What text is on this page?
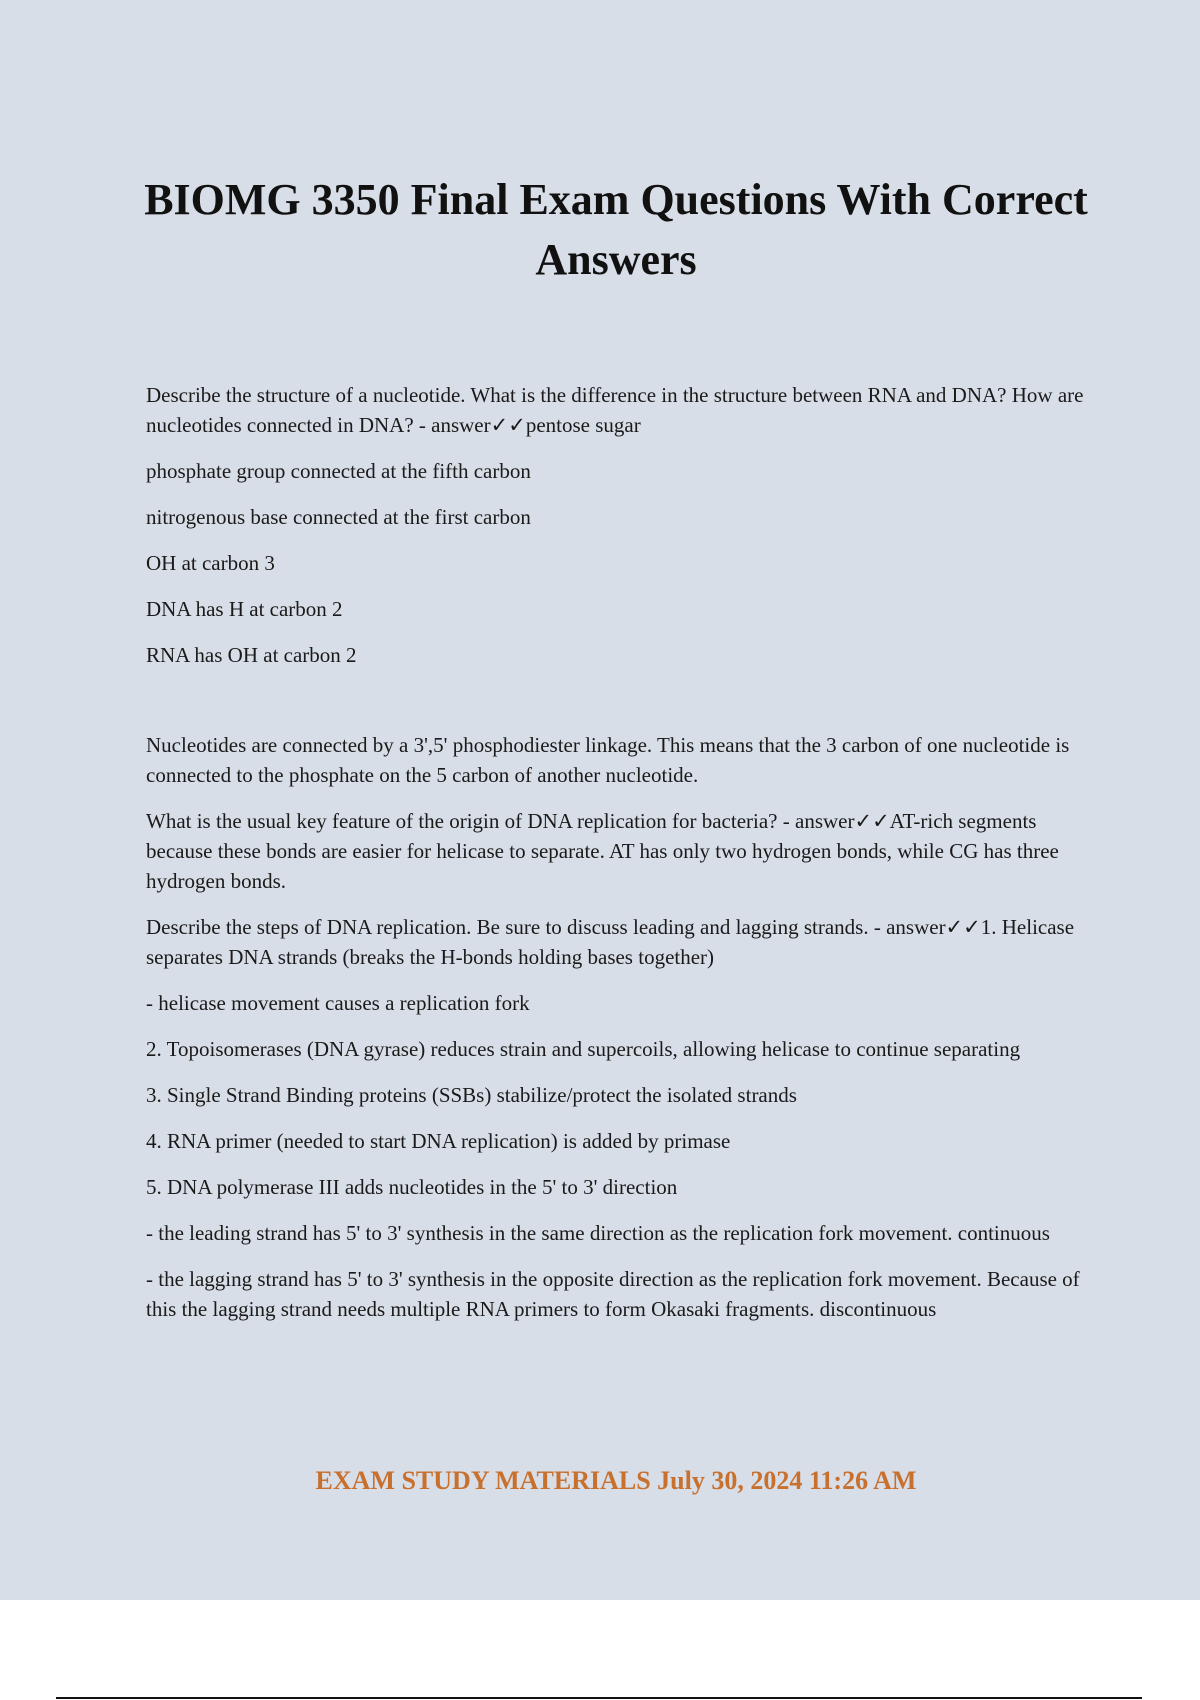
BIOMG 3350 Final Exam Questions With Correct Answers

Describe the structure of a nucleotide. What is the difference in the structure between RNA and DNA? How are nucleotides connected in DNA? - answer✓✓pentose sugar

phosphate group connected at the fifth carbon

nitrogenous base connected at the first carbon

OH at carbon 3

DNA has H at carbon 2

RNA has OH at carbon 2

Nucleotides are connected by a 3',5' phosphodiester linkage. This means that the 3 carbon of one nucleotide is connected to the phosphate on the 5 carbon of another nucleotide.

What is the usual key feature of the origin of DNA replication for bacteria? - answer✓✓AT-rich segments because these bonds are easier for helicase to separate. AT has only two hydrogen bonds, while CG has three hydrogen bonds.

Describe the steps of DNA replication. Be sure to discuss leading and lagging strands. - answer✓✓1. Helicase separates DNA strands (breaks the H-bonds holding bases together)

- helicase movement causes a replication fork

2. Topoisomerases (DNA gyrase) reduces strain and supercoils, allowing helicase to continue separating

3. Single Strand Binding proteins (SSBs) stabilize/protect the isolated strands

4. RNA primer (needed to start DNA replication) is added by primase

5. DNA polymerase III adds nucleotides in the 5' to 3' direction

- the leading strand has 5' to 3' synthesis in the same direction as the replication fork movement. continuous

- the lagging strand has 5' to 3' synthesis in the opposite direction as the replication fork movement. Because of this the lagging strand needs multiple RNA primers to form Okasaki fragments. discontinuous

EXAM STUDY MATERIALS July 30, 2024 11:26 AM
